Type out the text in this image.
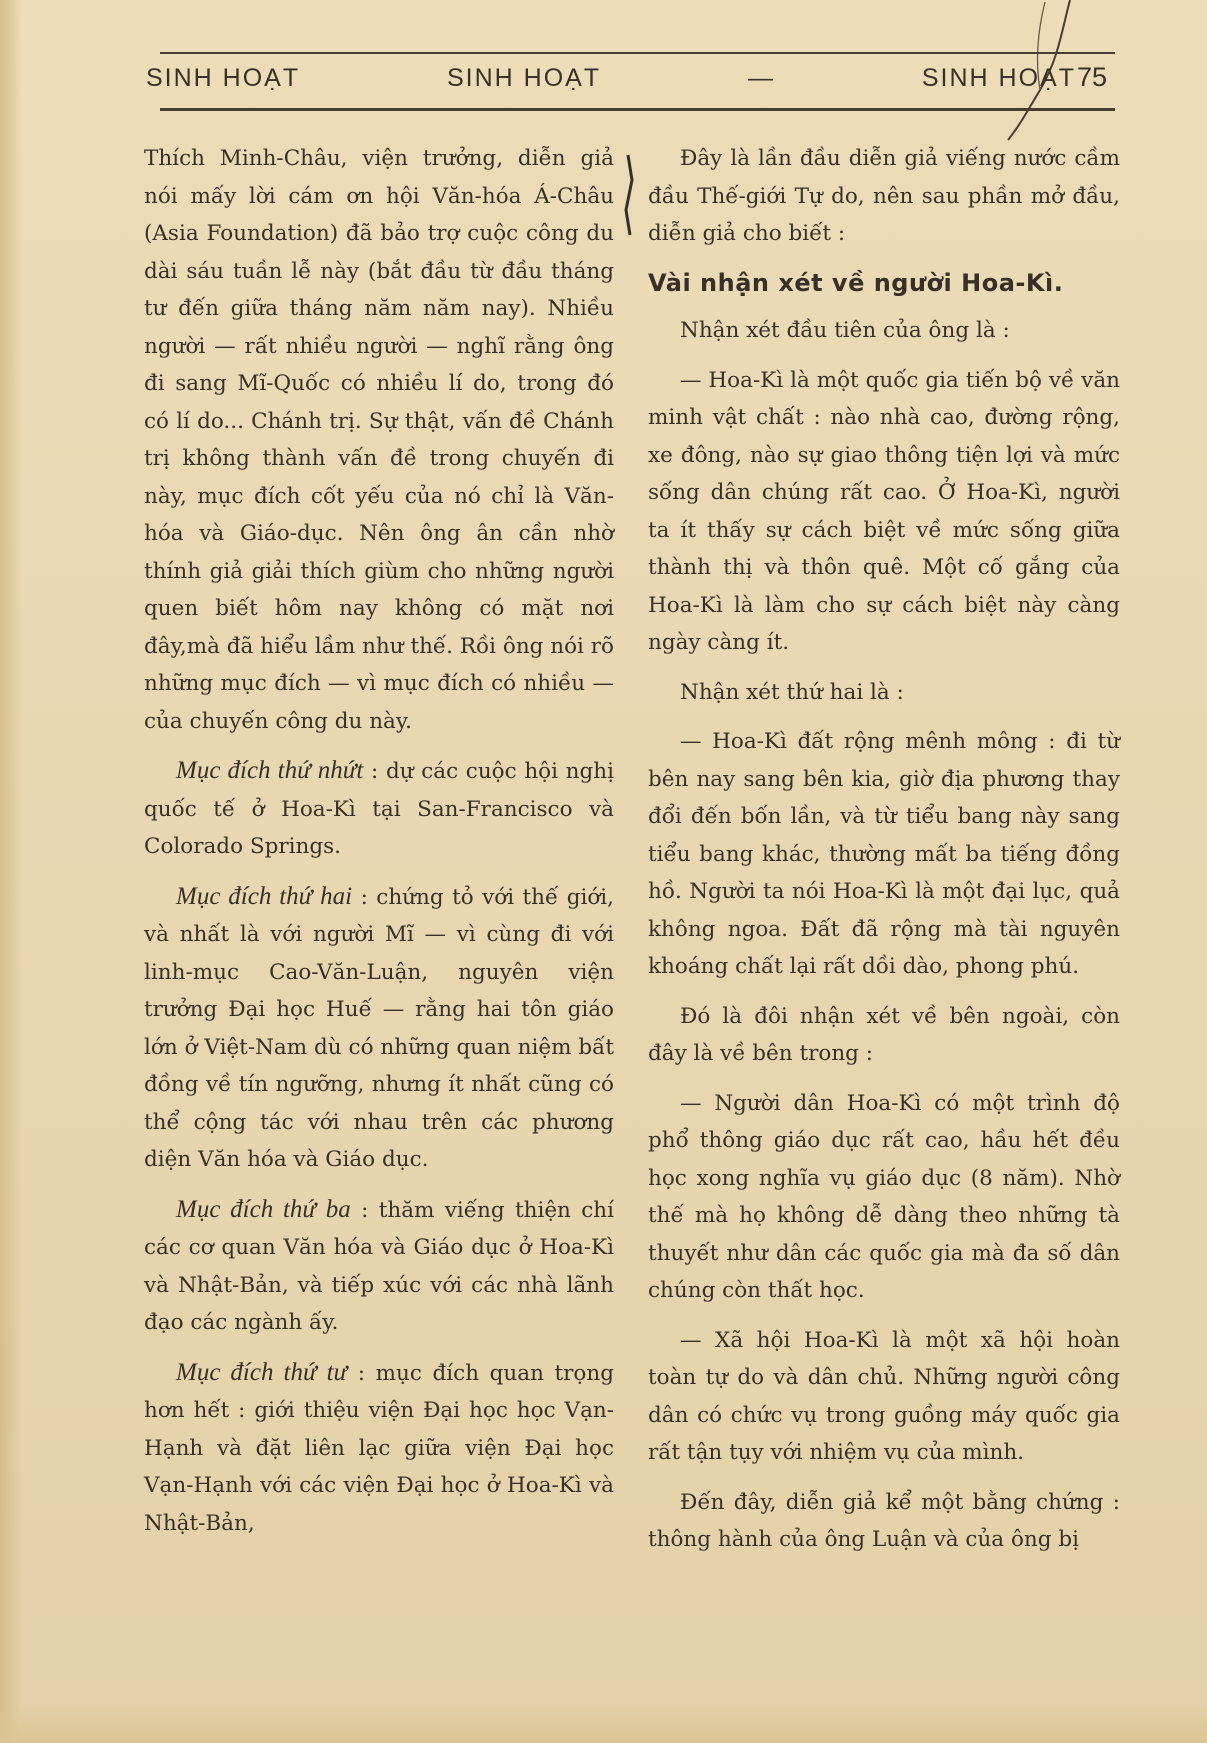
SINH HOẠT	SINH HOẠT	—	SINH HOẠT 75

Thích Minh-Châu, viện trưởng, diễn giả nói mấy lời cám ơn hội Văn-hóa Á-Châu (Asia Foundation) đã bảo trợ cuộc công du dài sáu tuần lễ này (bắt đầu từ đầu tháng tư đến giữa tháng năm năm nay). Nhiều người — rất nhiều người — nghĩ rằng ông đi sang Mĩ-Quốc có nhiều lí do, trong đó có lí do... Chánh trị. Sự thật, vấn đề Chánh trị không thành vấn đề trong chuyến đi này, mục đích cốt yếu của nó chỉ là Văn-hóa và Giáo-dục. Nên ông ân cần nhờ thính giả giải thích giùm cho những người quen biết hôm nay không có mặt nơi đây,mà đã hiểu lầm như thế. Rồi ông nói rõ những mục đích — vì mục đích có nhiều — của chuyến công du này.

Mục đích thứ nhứt : dự các cuộc hội nghị quốc tế ở Hoa-Kì tại San-Francisco và Colorado Springs.

Mục đích thứ hai : chứng tỏ với thế giới, và nhất là với người Mĩ — vì cùng đi với linh-mục Cao-Văn-Luận, nguyên viện trưởng Đại học Huế — rằng hai tôn giáo lớn ở Việt-Nam dù có những quan niệm bất đồng về tín ngưỡng, nhưng ít nhất cũng có thể cộng tác với nhau trên các phương diện Văn hóa và Giáo dục.

Mục đích thứ ba : thăm viếng thiện chí các cơ quan Văn hóa và Giáo dục ở Hoa-Kì và Nhật-Bản, và tiếp xúc với các nhà lãnh đạo các ngành ấy.

Mục đích thứ tư : mục đích quan trọng hơn hết : giới thiệu viện Đại học học Vạn-Hạnh và đặt liên lạc giữa viện Đại học Vạn-Hạnh với các viện Đại học ở Hoa-Kì và Nhật-Bản,

Đây là lần đầu diễn giả viếng nước cầm đầu Thế-giới Tự do, nên sau phần mở đầu, diễn giả cho biết :

Vài nhận xét về người Hoa-Kì.

Nhận xét đầu tiên của ông là :

— Hoa-Kì là một quốc gia tiến bộ về văn minh vật chất : nào nhà cao, đường rộng, xe đông, nào sự giao thông tiện lợi và mức sống dân chúng rất cao. Ở Hoa-Kì, người ta ít thấy sự cách biệt về mức sống giữa thành thị và thôn quê. Một cố gắng của Hoa-Kì là làm cho sự cách biệt này càng ngày càng ít.

Nhận xét thứ hai là :

— Hoa-Kì đất rộng mênh mông : đi từ bên nay sang bên kia, giờ địa phương thay đổi đến bốn lần, và từ tiểu bang này sang tiểu bang khác, thường mất ba tiếng đồng hồ. Người ta nói Hoa-Kì là một đại lục, quả không ngoa. Đất đã rộng mà tài nguyên khoáng chất lại rất dồi dào, phong phú.

Đó là đôi nhận xét về bên ngoài, còn đây là về bên trong :

— Người dân Hoa-Kì có một trình độ phổ thông giáo dục rất cao, hầu hết đều học xong nghĩa vụ giáo dục (8 năm). Nhờ thế mà họ không dễ dàng theo những tà thuyết như dân các quốc gia mà đa số dân chúng còn thất học.

— Xã hội Hoa-Kì là một xã hội hoàn toàn tự do và dân chủ. Những người công dân có chức vụ trong guồng máy quốc gia rất tận tụy với nhiệm vụ của mình.

Đến đây, diễn giả kể một bằng chứng : thông hành của ông Luận và của ông bị
